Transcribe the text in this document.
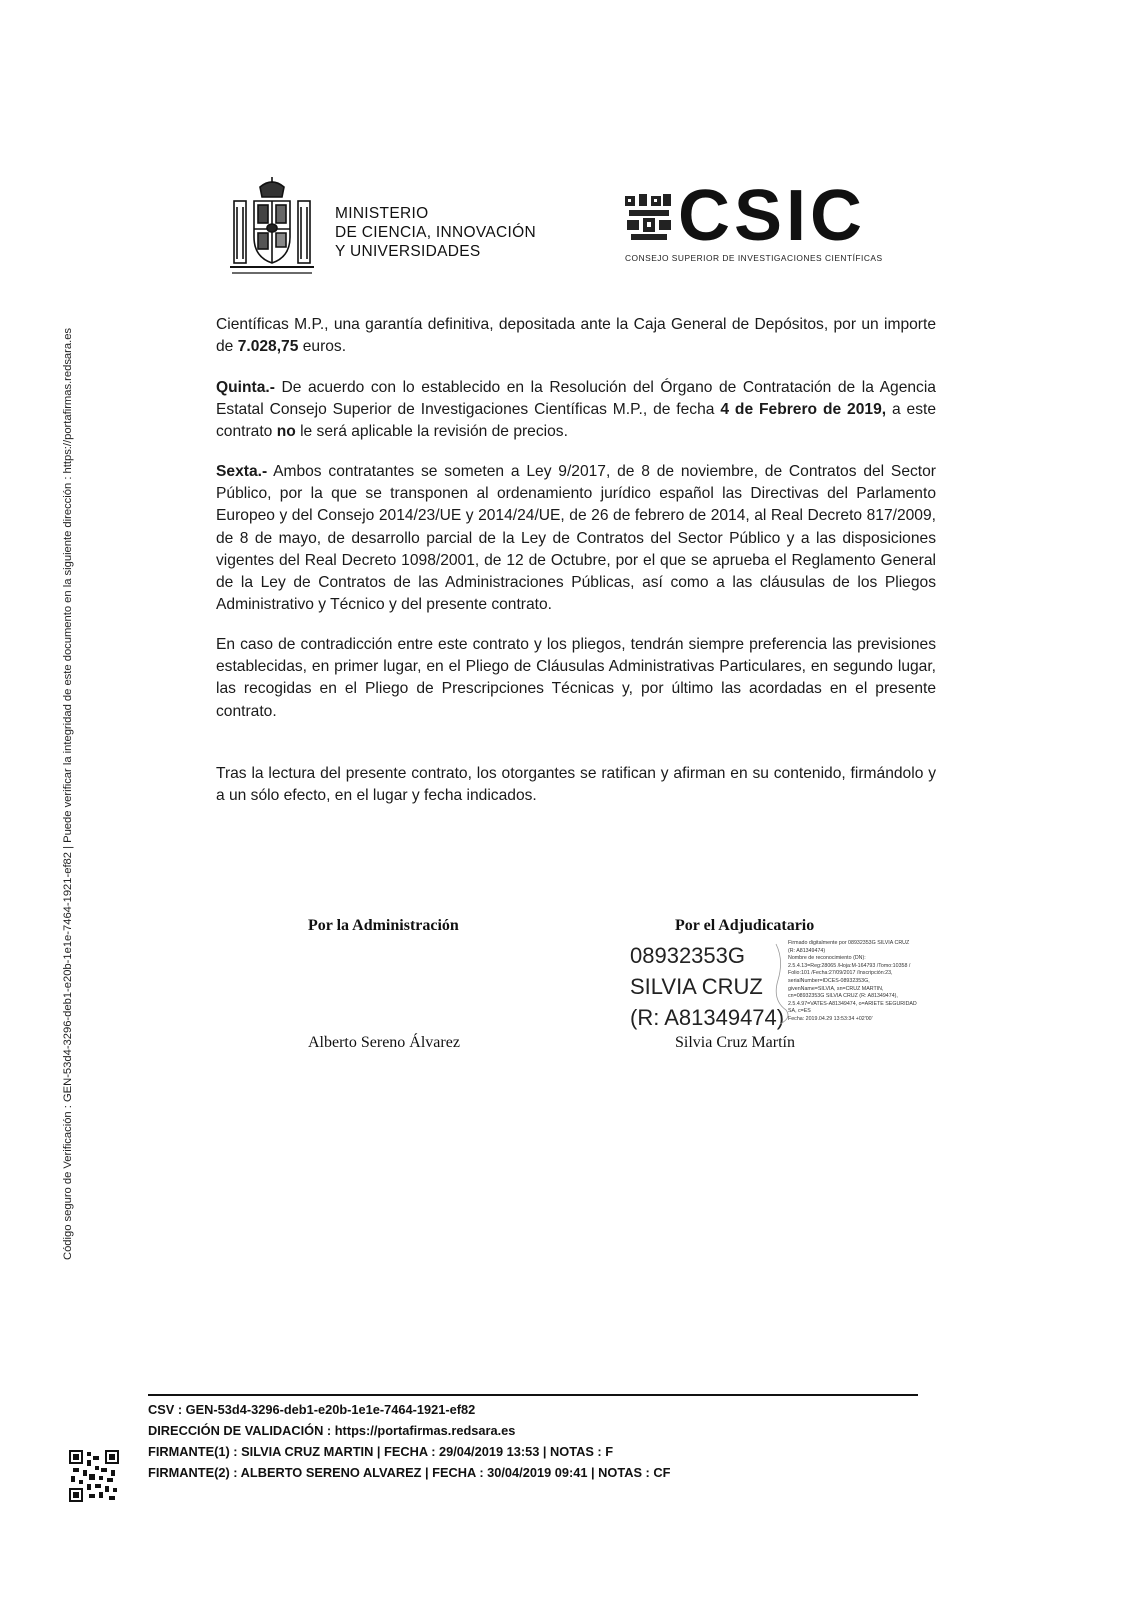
Código seguro de Verificación : GEN-53d4-3296-deb1-e20b-1e1e-7464-1921-ef82 | Puede verificar la integridad de este documento en la siguiente dirección : https://portafirmas.redsara.es
MINISTERIO
DE CIENCIA, INNOVACIÓN
Y UNIVERSIDADES	CSIC
CONSEJO SUPERIOR DE INVESTIGACIONES CIENTÍFICAS
Científicas M.P., una garantía definitiva, depositada ante la Caja General de Depósitos, por un importe de 7.028,75 euros.
Quinta.- De acuerdo con lo establecido en la Resolución del Órgano de Contratación de la Agencia Estatal Consejo Superior de Investigaciones Científicas M.P., de fecha 4 de Febrero de 2019, a este contrato no le será aplicable la revisión de precios.
Sexta.- Ambos contratantes se someten a Ley 9/2017, de 8 de noviembre, de Contratos del Sector Público, por la que se transponen al ordenamiento jurídico español las Directivas del Parlamento Europeo y del Consejo 2014/23/UE y 2014/24/UE, de 26 de febrero de 2014, al Real Decreto 817/2009, de 8 de mayo, de desarrollo parcial de la Ley de Contratos del Sector Público y a las disposiciones vigentes del Real Decreto 1098/2001, de 12 de Octubre, por el que se aprueba el Reglamento General de la Ley de Contratos de las Administraciones Públicas, así como a las cláusulas de los Pliegos Administrativo y Técnico y del presente contrato.
En caso de contradicción entre este contrato y los pliegos, tendrán siempre preferencia las previsiones establecidas, en primer lugar, en el Pliego de Cláusulas Administrativas Particulares, en segundo lugar, las recogidas en el Pliego de Prescripciones Técnicas y, por último las acordadas en el presente contrato.
Tras la lectura del presente contrato, los otorgantes se ratifican y afirman en su contenido, firmándolo y a un sólo efecto, en el lugar y fecha indicados.
Por la Administración	Por el Adjudicatario
08932353G
SILVIA CRUZ
(R: A81349474)
Firmado digitalmente por 08932353G SILVIA CRUZ
(R: A81349474)
Nombre de reconocimiento (DN):
2.5.4.13=Reg:28065 /Hoja:M-164793 /Tomo:10358 /
Folio:101 /Fecha:27/09/2017 /Inscripción:23,
serialNumber=IDCES-08932353G,
givenName=SILVIA, sn=CRUZ MARTIN,
cn=08932353G SILVIA CRUZ (R: A81349474),
2.5.4.97=VATES-A81349474, o=ARIETE SEGURIDAD
SA, c=ES
Fecha: 2019.04.29 13:53:34 +02'00'
Alberto Sereno Álvarez	Silvia Cruz Martín
CSV : GEN-53d4-3296-deb1-e20b-1e1e-7464-1921-ef82
DIRECCIÓN DE VALIDACIÓN : https://portafirmas.redsara.es
FIRMANTE(1) : SILVIA CRUZ MARTIN | FECHA : 29/04/2019 13:53 | NOTAS : F
FIRMANTE(2) : ALBERTO SERENO ALVAREZ | FECHA : 30/04/2019 09:41 | NOTAS : CF
